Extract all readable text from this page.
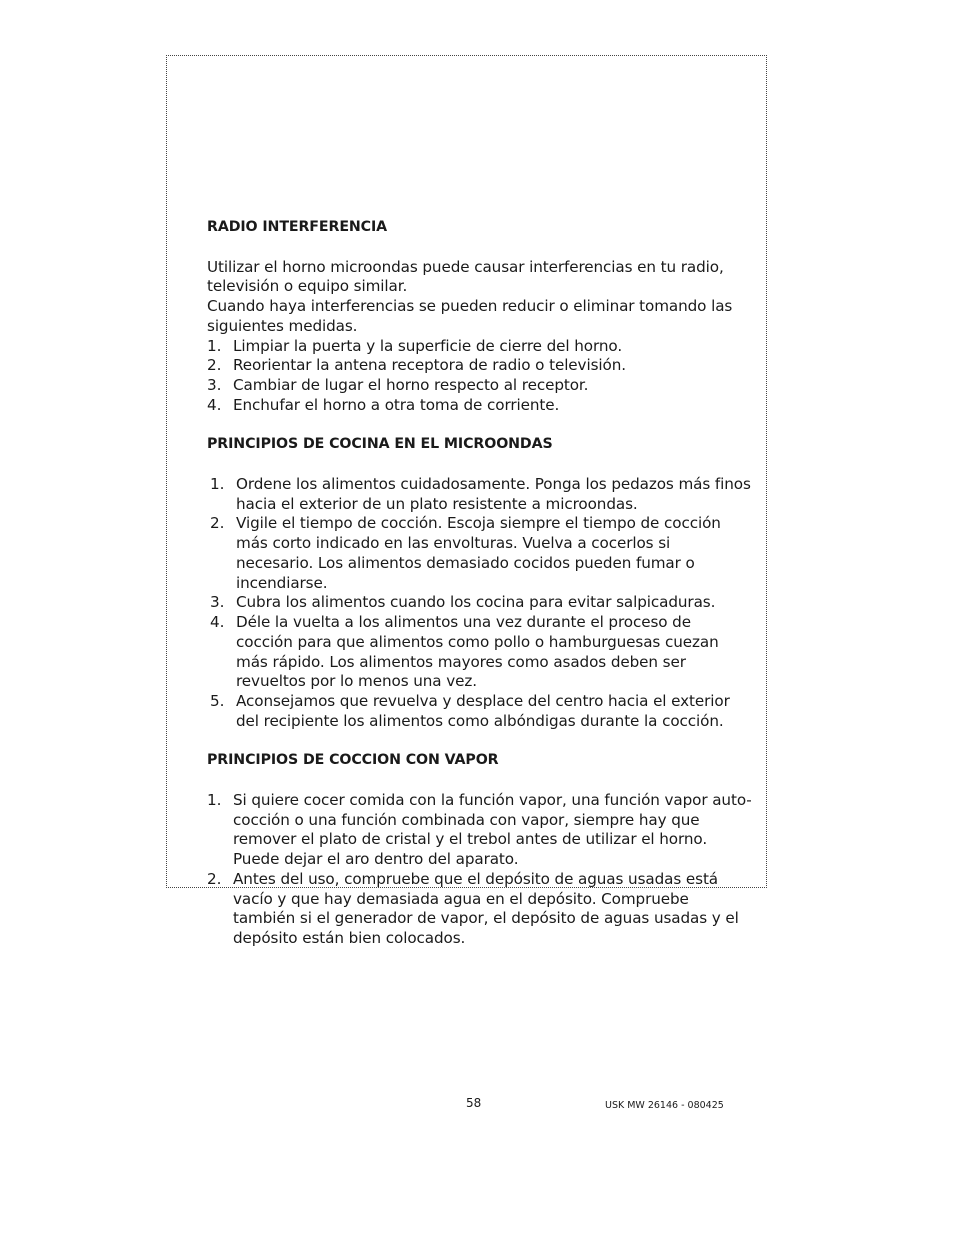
RADIO INTERFERENCIA

Utilizar el horno microondas puede causar interferencias en tu radio, televisión o equipo similar.

Cuando haya interferencias se pueden reducir o eliminar tomando las siguientes medidas.

1. Limpiar la puerta y la superficie de cierre del horno.
2. Reorientar la antena receptora de radio o televisión.
3. Cambiar de lugar el horno respecto al receptor.
4. Enchufar el horno a otra toma de corriente.

PRINCIPIOS DE COCINA EN EL MICROONDAS

1. Ordene los alimentos cuidadosamente. Ponga los pedazos más finos hacia el exterior de un plato resistente a microondas.
2. Vigile el tiempo de cocción. Escoja siempre el tiempo de cocción más corto indicado en las envolturas. Vuelva a cocerlos si necesario. Los alimentos demasiado cocidos pueden fumar o incendiarse.
3. Cubra los alimentos cuando los cocina para evitar salpicaduras.
4. Déle la vuelta a los alimentos una vez durante el proceso de cocción para que alimentos como pollo o hamburguesas cuezan más rápido. Los alimentos mayores como asados deben ser revueltos por lo menos una vez.
5. Aconsejamos que revuelva y desplace del centro hacia el exterior del recipiente los alimentos como albóndigas durante la cocción.

PRINCIPIOS DE COCCION CON VAPOR

1. Si quiere cocer comida con la función vapor, una función vapor auto-cocción o una función combinada con vapor, siempre hay que remover el plato de cristal y el trebol antes de utilizar el horno. Puede dejar el aro dentro del aparato.
2. Antes del uso, compruebe que el depósito de aguas usadas está vacío y que hay demasiada agua en el depósito. Compruebe también si el generador de vapor, el depósito de aguas usadas y el depósito están bien colocados.
58	USK MW 26146 - 080425
